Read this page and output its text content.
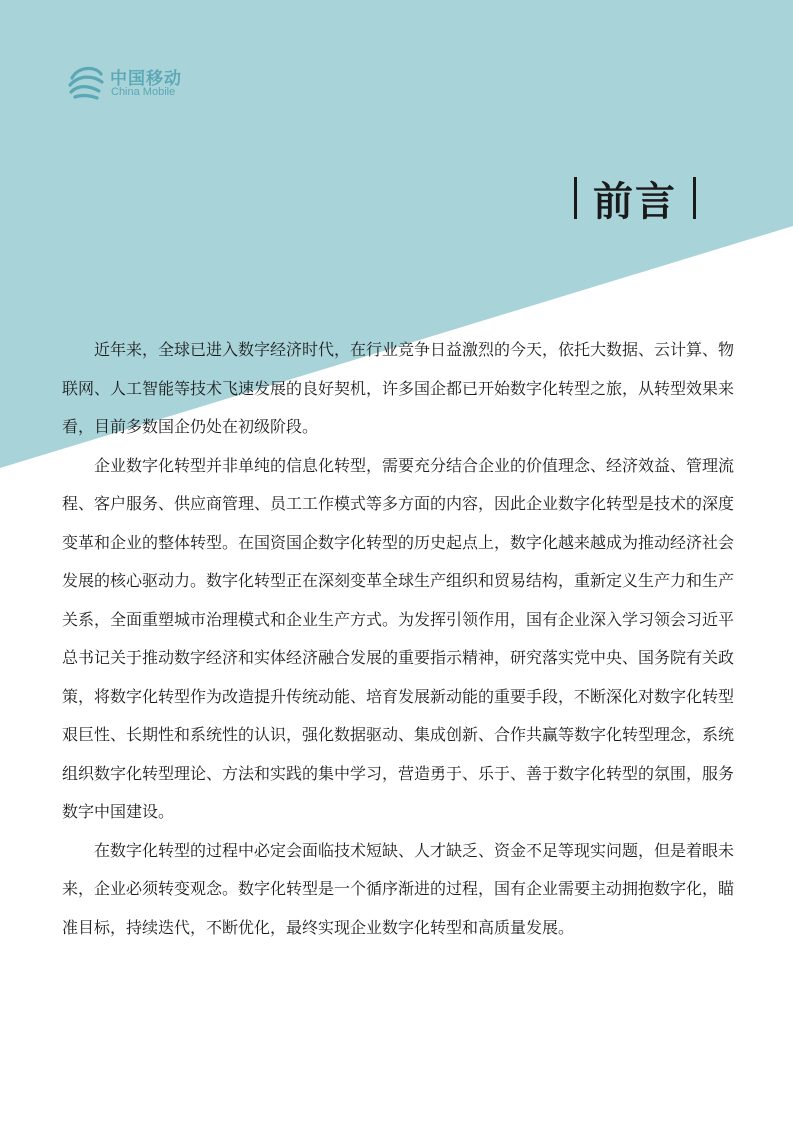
中国移动
China Mobile
前言

近年来，全球已进入数字经济时代，在行业竞争日益激烈的今天，依托大数据、云计算、物联网、人工智能等技术飞速发展的良好契机，许多国企都已开始数字化转型之旅，从转型效果来看，目前多数国企仍处在初级阶段。

企业数字化转型并非单纯的信息化转型，需要充分结合企业的价值理念、经济效益、管理流程、客户服务、供应商管理、员工工作模式等多方面的内容，因此企业数字化转型是技术的深度变革和企业的整体转型。在国资国企数字化转型的历史起点上，数字化越来越成为推动经济社会发展的核心驱动力。数字化转型正在深刻变革全球生产组织和贸易结构，重新定义生产力和生产关系，全面重塑城市治理模式和企业生产方式。为发挥引领作用，国有企业深入学习领会习近平总书记关于推动数字经济和实体经济融合发展的重要指示精神，研究落实党中央、国务院有关政策，将数字化转型作为改造提升传统动能、培育发展新动能的重要手段，不断深化对数字化转型艰巨性、长期性和系统性的认识，强化数据驱动、集成创新、合作共赢等数字化转型理念，系统组织数字化转型理论、方法和实践的集中学习，营造勇于、乐于、善于数字化转型的氛围，服务数字中国建设。

在数字化转型的过程中必定会面临技术短缺、人才缺乏、资金不足等现实问题，但是着眼未来，企业必须转变观念。数字化转型是一个循序渐进的过程，国有企业需要主动拥抱数字化，瞄准目标，持续迭代，不断优化，最终实现企业数字化转型和高质量发展。
